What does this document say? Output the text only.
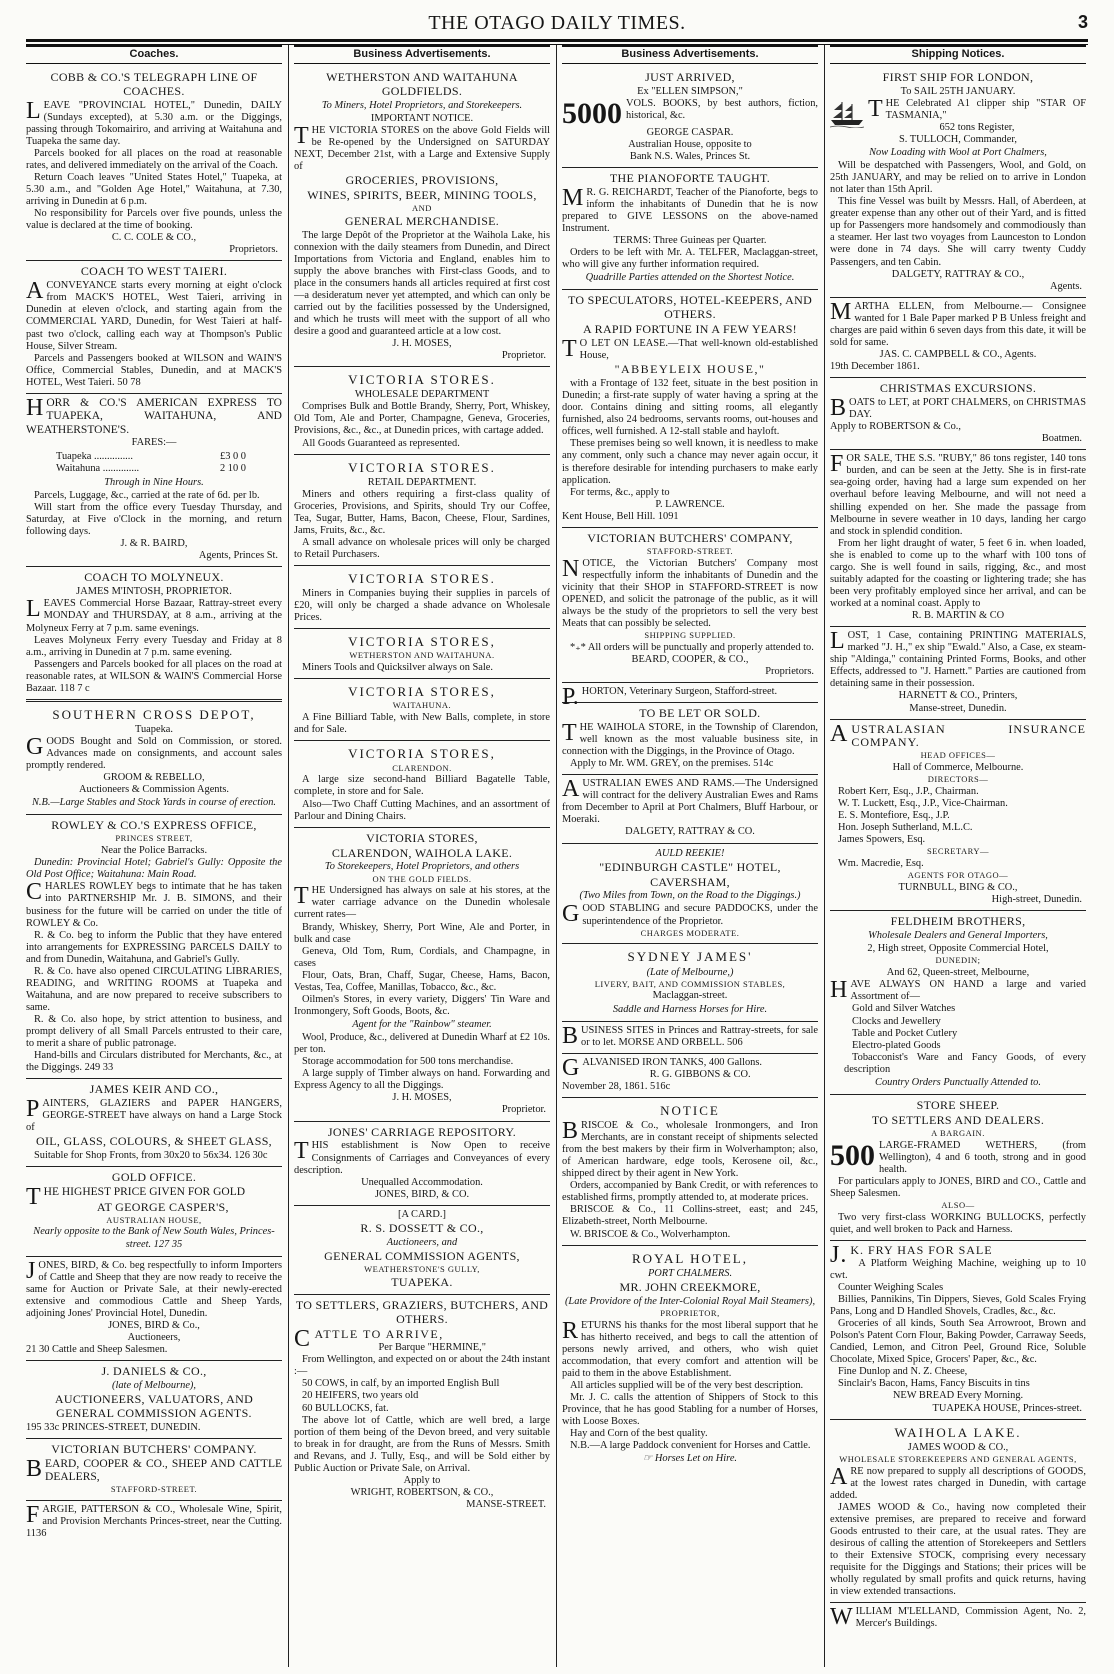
THE OTAGO DAILY TIMES.	3
Coaches.

COBB & CO.'S TELEGRAPH LINE OF COACHES.

LEAVE "PROVINCIAL HOTEL," Dunedin, DAILY (Sundays excepted), at 5.30 a.m. or the Diggings, passing through Tokomairiro, and arriving at Waitahuna and Tuapeka the same day.

Parcels booked for all places on the road at reasonable rates, and delivered immediately on the arrival of the Coach.

Return Coach leaves "United States Hotel," Tuapeka, at 5.30 a.m., and "Golden Age Hotel," Waitahuna, at 7.30, arriving in Dunedin at 6 p.m.

No responsibility for Parcels over five pounds, unless the value is declared at the time of booking.

C. C. COLE & CO.,

Proprietors.

COACH TO WEST TAIERI.

ACONVEYANCE starts every morning at eight o'clock from MACK'S HOTEL, West Taieri, arriving in Dunedin at eleven o'clock, and starting again from the COMMERCIAL YARD, Dunedin, for West Taieri at half-past two o'clock, calling each way at Thompson's Public House, Silver Stream.

Parcels and Passengers booked at WILSON and WAIN'S Office, Commercial Stables, Dunedin, and at MACK'S HOTEL, West Taieri. 50 78

HORR & CO.'S AMERICAN EXPRESS TO TUAPEKA, WAITAHUNA, AND WEATHERSTONE'S.

FARES:—

Tuapeka ...............	£3 0 0
Waitahuna ..............	2 10 0

Through in Nine Hours.

Parcels, Luggage, &c., carried at the rate of 6d. per lb.

Will start from the office every Tuesday Thursday, and Saturday, at Five o'Clock in the morning, and return following days.

J. & R. BAIRD,

Agents, Princes St.

COACH TO MOLYNEUX.

JAMES M'INTOSH, PROPRIETOR.

LEAVES Commercial Horse Bazaar, Rattray-street every MONDAY and THURSDAY, at 8 a.m., arriving at the Molyneux Ferry at 7 p.m. same evenings.

Leaves Molyneux Ferry every Tuesday and Friday at 8 a.m., arriving in Dunedin at 7 p.m. same evening.

Passengers and Parcels booked for all places on the road at reasonable rates, at WILSON & WAIN'S Commercial Horse Bazaar. 118 7 c

SOUTHERN CROSS DEPOT,

Tuapeka.

GOODS Bought and Sold on Commission, or stored. Advances made on consignments, and account sales promptly rendered.

GROOM & REBELLO,

Auctioneers & Commission Agents.

N.B.—Large Stables and Stock Yards in course of erection.

ROWLEY & CO.'S EXPRESS OFFICE,

PRINCES STREET,

Near the Police Barracks.

Dunedin: Provincial Hotel; Gabriel's Gully: Opposite the Old Post Office; Waitahuna: Main Road.

CHARLES ROWLEY begs to intimate that he has taken into PARTNERSHIP Mr. J. B. SIMONS, and their business for the future will be carried on under the title of ROWLEY & Co.

R. & Co. beg to inform the Public that they have entered into arrangements for EXPRESSING PARCELS DAILY to and from Dunedin, Waitahuna, and Gabriel's Gully.

R. & Co. have also opened CIRCULATING LIBRARIES, READING, and WRITING ROOMS at Tuapeka and Waitahuna, and are now prepared to receive subscribers to same.

R. & Co. also hope, by strict attention to business, and prompt delivery of all Small Parcels entrusted to their care, to merit a share of public patronage.

Hand-bills and Circulars distributed for Merchants, &c., at the Diggings. 249 33

JAMES KEIR AND CO.,

PAINTERS, GLAZIERS and PAPER HANGERS, GEORGE-STREET have always on hand a Large Stock of

OIL, GLASS, COLOURS, & SHEET GLASS,

Suitable for Shop Fronts, from 30x20 to 56x34. 126 30c

GOLD OFFICE.

THE HIGHEST PRICE GIVEN FOR GOLD

AT GEORGE CASPER'S,

AUSTRALIAN HOUSE,

Nearly opposite to the Bank of New South Wales, Princes-street. 127 35

JONES, BIRD, & Co. beg respectfully to inform Importers of Cattle and Sheep that they are now ready to receive the same for Auction or Private Sale, at their newly-erected extensive and commodious Cattle and Sheep Yards, adjoining Jones' Provincial Hotel, Dunedin.

JONES, BIRD & Co.,

Auctioneers,

21 30 Cattle and Sheep Salesmen.

J. DANIELS & CO.,

(late of Melbourne),

AUCTIONEERS, VALUATORS, AND GENERAL COMMISSION AGENTS.

195 33c PRINCES-STREET, DUNEDIN.

VICTORIAN BUTCHERS' COMPANY.

BEARD, COOPER & CO., SHEEP AND CATTLE DEALERS,

STAFFORD-STREET.

FARGIE, PATTERSON & CO., Wholesale Wine, Spirit, and Provision Merchants Princes-street, near the Cutting. 1136

Business Advertisements.

WETHERSTON AND WAITAHUNA GOLDFIELDS.

To Miners, Hotel Proprietors, and Storekeepers.

IMPORTANT NOTICE.

THE VICTORIA STORES on the above Gold Fields will be Re-opened by the Undersigned on SATURDAY NEXT, December 21st, with a Large and Extensive Supply of

GROCERIES, PROVISIONS,

WINES, SPIRITS, BEER, MINING TOOLS,

AND

GENERAL MERCHANDISE.

The large Depôt of the Proprietor at the Waihola Lake, his connexion with the daily steamers from Dunedin, and Direct Importations from Victoria and England, enables him to supply the above branches with First-class Goods, and to place in the consumers hands all articles required at first cost—a desideratum never yet attempted, and which can only be carried out by the facilities possessed by the Undersigned, and which he trusts will meet with the support of all who desire a good and guaranteed article at a low cost.

J. H. MOSES,

Proprietor.

VICTORIA STORES.

WHOLESALE DEPARTMENT

Comprises Bulk and Bottle Brandy, Sherry, Port, Whiskey, Old Tom, Ale and Porter, Champagne, Geneva, Groceries, Provisions, &c., &c., at Dunedin prices, with cartage added.

All Goods Guaranteed as represented.

VICTORIA STORES.

RETAIL DEPARTMENT.

Miners and others requiring a first-class quality of Groceries, Provisions, and Spirits, should Try our Coffee, Tea, Sugar, Butter, Hams, Bacon, Cheese, Flour, Sardines, Jams, Fruits, &c., &c.

A small advance on wholesale prices will only be charged to Retail Purchasers.

VICTORIA STORES.

Miners in Companies buying their supplies in parcels of £20, will only be charged a shade advance on Wholesale Prices.

VICTORIA STORES,

WETHERSTON AND WAITAHUNA.

Miners Tools and Quicksilver always on Sale.

VICTORIA STORES,

WAITAHUNA.

A Fine Billiard Table, with New Balls, complete, in store and for Sale.

VICTORIA STORES,

CLARENDON.

A large size second-hand Billiard Bagatelle Table, complete, in store and for Sale.

Also—Two Chaff Cutting Machines, and an assortment of Parlour and Dining Chairs.

VICTORIA STORES,

CLARENDON, WAIHOLA LAKE.

To Storekeepers, Hotel Proprietors, and others

ON THE GOLD FIELDS.

THE Undersigned has always on sale at his stores, at the water carriage advance on the Dunedin wholesale current rates—

Brandy, Whiskey, Sherry, Port Wine, Ale and Porter, in bulk and case

Geneva, Old Tom, Rum, Cordials, and Champagne, in cases

Flour, Oats, Bran, Chaff, Sugar, Cheese, Hams, Bacon, Vestas, Tea, Coffee, Manillas, Tobacco, &c., &c.

Oilmen's Stores, in every variety, Diggers' Tin Ware and Ironmongery, Soft Goods, Boots, &c.

Agent for the "Rainbow" steamer.

Wool, Produce, &c., delivered at Dunedin Wharf at £2 10s. per ton.

Storage accommodation for 500 tons merchandise.

A large supply of Timber always on hand. Forwarding and Express Agency to all the Diggings.

J. H. MOSES,

Proprietor.

JONES' CARRIAGE REPOSITORY.

THIS establishment is Now Open to receive Consignments of Carriages and Conveyances of every description.

Unequalled Accommodation.

JONES, BIRD, & CO.

[A CARD.]

R. S. DOSSETT & CO.,

Auctioneers, and

GENERAL COMMISSION AGENTS,

WEATHERSTONE'S GULLY,

TUAPEKA.

TO SETTLERS, GRAZIERS, BUTCHERS, AND OTHERS.

CATTLE TO ARRIVE,

Per Barque "HERMINE,"

From Wellington, and expected on or about the 24th instant :—

50 COWS, in calf, by an imported English Bull

20 HEIFERS, two years old

60 BULLOCKS, fat.

The above lot of Cattle, which are well bred, a large portion of them being of the Devon breed, and very suitable to break in for draught, are from the Runs of Messrs. Smith and Revans, and J. Tully, Esq., and will be Sold either by Public Auction or Private Sale, on Arrival.

Apply to

WRIGHT, ROBERTSON, & CO.,

MANSE-STREET.

Business Advertisements.

JUST ARRIVED,

Ex "ELLEN SIMPSON,"

5000 VOLS. BOOKS, by best authors, fiction, historical, &c.

GEORGE CASPAR.

Australian House, opposite to

Bank N.S. Wales, Princes St.

THE PIANOFORTE TAUGHT.

M R. G. REICHARDT, Teacher of the Pianoforte, begs to inform the inhabitants of Dunedin that he is now prepared to GIVE LESSONS on the above-named Instrument.

TERMS: Three Guineas per Quarter.

Orders to be left with Mr. A. TELFER, Maclaggan-street, who will give any further information required.

Quadrille Parties attended on the Shortest Notice.

TO SPECULATORS, HOTEL-KEEPERS, AND OTHERS.

A RAPID FORTUNE IN A FEW YEARS!

T O LET ON LEASE.—That well-known old-established House,

"ABBEYLEIX HOUSE,"

with a Frontage of 132 feet, situate in the best position in Dunedin; a first-rate supply of water having a spring at the door. Contains dining and sitting rooms, all elegantly furnished, also 24 bedrooms, servants rooms, out-houses and offices, well furnished. A 12-stall stable and hayloft.

These premises being so well known, it is needless to make any comment, only such a chance may never again occur, it is therefore desirable for intending purchasers to make early application.

For terms, &c., apply to

P. LAWRENCE.

Kent House, Bell Hill. 1091

VICTORIAN BUTCHERS' COMPANY,

STAFFORD-STREET.

NOTICE, the Victorian Butchers' Company most respectfully inform the inhabitants of Dunedin and the vicinity that their SHOP in STAFFORD-STREET is now OPENED, and solicit the patronage of the public, as it will always be the study of the proprietors to sell the very best Meats that can possibly be selected.

SHIPPING SUPPLIED.

*₊* All orders will be punctually and properly attended to.

BEARD, COOPER, & CO.,

Proprietors.

P. HORTON, Veterinary Surgeon, Stafford-street.

TO BE LET OR SOLD.

THE WAIHOLA STORE, in the Township of Clarendon, well known as the most valuable business site, in connection with the Diggings, in the Province of Otago.

Apply to Mr. WM. GREY, on the premises. 514c

AUSTRALIAN EWES AND RAMS.—The Undersigned will contract for the delivery Australian Ewes and Rams from December to April at Port Chalmers, Bluff Harbour, or Moeraki.

DALGETY, RATTRAY & CO.

AULD REEKIE!

"EDINBURGH CASTLE" HOTEL,

CAVERSHAM,

(Two Miles from Town, on the Road to the Diggings.)

GOOD STABLING and secure PADDOCKS, under the superintendence of the Proprietor.

CHARGES MODERATE.

SYDNEY JAMES'

(Late of Melbourne,)

LIVERY, BAIT, AND COMMISSION STABLES,

Maclaggan-street.

Saddle and Harness Horses for Hire.

BUSINESS SITES in Princes and Rattray-streets, for sale or to let. MORSE AND ORBELL. 506

GALVANISED IRON TANKS, 400 Gallons.

R. G. GIBBONS & CO.

November 28, 1861. 516c

NOTICE

BRISCOE & Co., wholesale Ironmongers, and Iron Merchants, are in constant receipt of shipments selected from the best makers by their firm in Wolverhampton; also, of American hardware, edge tools, Kerosene oil, &c., shipped direct by their agent in New York.

Orders, accompanied by Bank Credit, or with references to established firms, promptly attended to, at moderate prices.

BRISCOE & Co., 11 Collins-street, east; and 245, Elizabeth-street, North Melbourne.

W. BRISCOE & Co., Wolverhampton.

ROYAL HOTEL,

PORT CHALMERS.

MR. JOHN CREEKMORE,

(Late Providore of the Inter-Colonial Royal Mail Steamers),

PROPRIETOR,

RETURNS his thanks for the most liberal support that he has hitherto received, and begs to call the attention of persons newly arrived, and others, who wish quiet accommodation, that every comfort and attention will be paid to them in the above Establishment.

All articles supplied will be of the very best description.

Mr. J. C. calls the attention of Shippers of Stock to this Province, that he has good Stabling for a number of Horses, with Loose Boxes.

Hay and Corn of the best quality.

N.B.—A large Paddock convenient for Horses and Cattle.

☞ Horses Let on Hire.

Shipping Notices.

FIRST SHIP FOR LONDON,

To SAIL 25TH JANUARY.

THE Celebrated A1 clipper ship "STAR OF TASMANIA,"

652 tons Register,

S. TULLOCH, Commander,

Now Loading with Wool at Port Chalmers,

Will be despatched with Passengers, Wool, and Gold, on 25th JANUARY, and may be relied on to arrive in London not later than 15th April.

This fine Vessel was built by Messrs. Hall, of Aberdeen, at greater expense than any other out of their Yard, and is fitted up for Passengers more handsomely and commodiously than a steamer. Her last two voyages from Launceston to London were done in 74 days. She will carry twenty Cuddy Passengers, and ten Cabin.

DALGETY, RATTRAY & CO.,

Agents.

MARTHA ELLEN, from Melbourne.— Consignee wanted for 1 Bale Paper marked P B Unless freight and charges are paid within 6 seven days from this date, it will be sold for same.

JAS. C. CAMPBELL & CO., Agents.

19th December 1861.

CHRISTMAS EXCURSIONS.

BOATS to LET, at PORT CHALMERS, on CHRISTMAS DAY.

Apply to ROBERTSON & Co.,

Boatmen.

FOR SALE, THE S.S. "RUBY," 86 tons register, 140 tons burden, and can be seen at the Jetty. She is in first-rate sea-going order, having had a large sum expended on her overhaul before leaving Melbourne, and will not need a shilling expended on her. She made the passage from Melbourne in severe weather in 10 days, landing her cargo and stock in splendid condition.

From her light draught of water, 5 feet 6 in. when loaded, she is enabled to come up to the wharf with 100 tons of cargo. She is well found in sails, rigging, &c., and most suitably adapted for the coasting or lightering trade; she has been very profitably employed since her arrival, and can be worked at a nominal coast. Apply to

R. B. MARTIN & CO

LOST, 1 Case, containing PRINTING MATERIALS, marked "J. H.," ex ship "Ewald." Also, a Case, ex steam-ship "Aldinga," containing Printed Forms, Books, and other Effects, addressed to "J. Harnett." Parties are cautioned from detaining same in their possession.

HARNETT & CO., Printers,

Manse-street, Dunedin.

AUSTRALASIAN INSURANCE COMPANY.

HEAD OFFICES—

Hall of Commerce, Melbourne.

DIRECTORS—

Robert Kerr, Esq., J.P., Chairman.

W. T. Luckett, Esq., J.P., Vice-Chairman.

E. S. Montefiore, Esq., J.P.

Hon. Joseph Sutherland, M.L.C.

James Spowers, Esq.

SECRETARY—

Wm. Macredie, Esq.

AGENTS FOR OTAGO—

TURNBULL, BING & CO.,

High-street, Dunedin.

FELDHEIM BROTHERS,

Wholesale Dealers and General Importers,

2, High street, Opposite Commercial Hotel,

DUNEDIN;

And 62, Queen-street, Melbourne,

HAVE ALWAYS ON HAND a large and varied Assortment of—

Gold and Silver Watches

Clocks and Jewellery

Table and Pocket Cutlery

Electro-plated Goods

Tobacconist's Ware and Fancy Goods, of every description

Country Orders Punctually Attended to.

STORE SHEEP.

TO SETTLERS AND DEALERS.

A BARGAIN.

500 LARGE-FRAMED WETHERS, (from Wellington), 4 and 6 tooth, strong and in good health.

For particulars apply to JONES, BIRD and CO., Cattle and Sheep Salesmen.

ALSO—

Two very first-class WORKING BULLOCKS, perfectly quiet, and well broken to Pack and Harness.

J. K. FRY HAS FOR SALE

A Platform Weighing Machine, weighing up to 10 cwt.

Counter Weighing Scales

Billies, Pannikins, Tin Dippers, Sieves, Gold Scales Frying Pans, Long and D Handled Shovels, Cradles, &c., &c.

Groceries of all kinds, South Sea Arrowroot, Brown and Polson's Patent Corn Flour, Baking Powder, Carraway Seeds, Candied, Lemon, and Citron Peel, Ground Rice, Soluble Chocolate, Mixed Spice, Grocers' Paper, &c., &c.

Fine Dunlop and N. Z. Cheese,

Sinclair's Bacon, Hams, Fancy Biscuits in tins

NEW BREAD Every Morning.

TUAPEKA HOUSE, Princes-street.

WAIHOLA LAKE.

JAMES WOOD & CO.,

WHOLESALE STOREKEEPERS AND GENERAL AGENTS,

ARE now prepared to supply all descriptions of GOODS, at the lowest rates charged in Dunedin, with cartage added.

JAMES WOOD & Co., having now completed their extensive premises, are prepared to receive and forward Goods entrusted to their care, at the usual rates. They are desirous of calling the attention of Storekeepers and Settlers to their Extensive STOCK, comprising every necessary requisite for the Diggings and Stations; their prices will be wholly regulated by small profits and quick returns, having in view extended transactions.

WILLIAM M'LELLAND, Commission Agent, No. 2, Mercer's Buildings.
